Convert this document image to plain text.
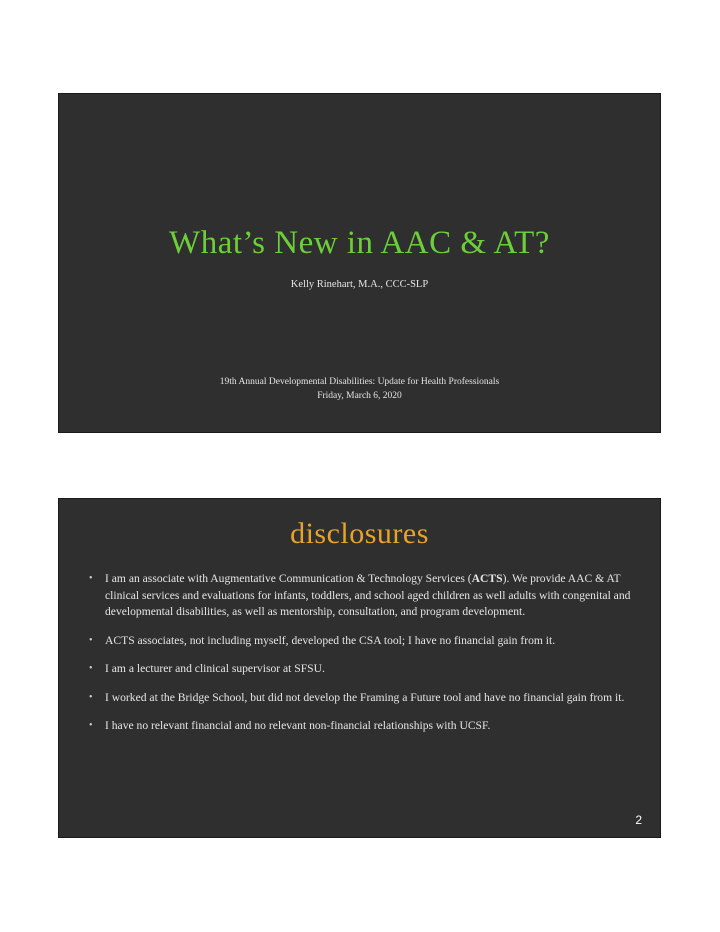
What’s New in AAC & AT?
Kelly Rinehart, M.A., CCC-SLP
19th Annual Developmental Disabilities: Update for Health Professionals
Friday, March 6, 2020
disclosures
• I am an associate with Augmentative Communication & Technology Services (ACTS). We provide AAC & AT clinical services and evaluations for infants, toddlers, and school aged children as well adults with congenital and developmental disabilities, as well as mentorship, consultation, and program development.
• ACTS associates, not including myself, developed the CSA tool; I have no financial gain from it.
• I am a lecturer and clinical supervisor at SFSU.
• I worked at the Bridge School, but did not develop the Framing a Future tool and have no financial gain from it.
• I have no relevant financial and no relevant non-financial relationships with UCSF.
2
